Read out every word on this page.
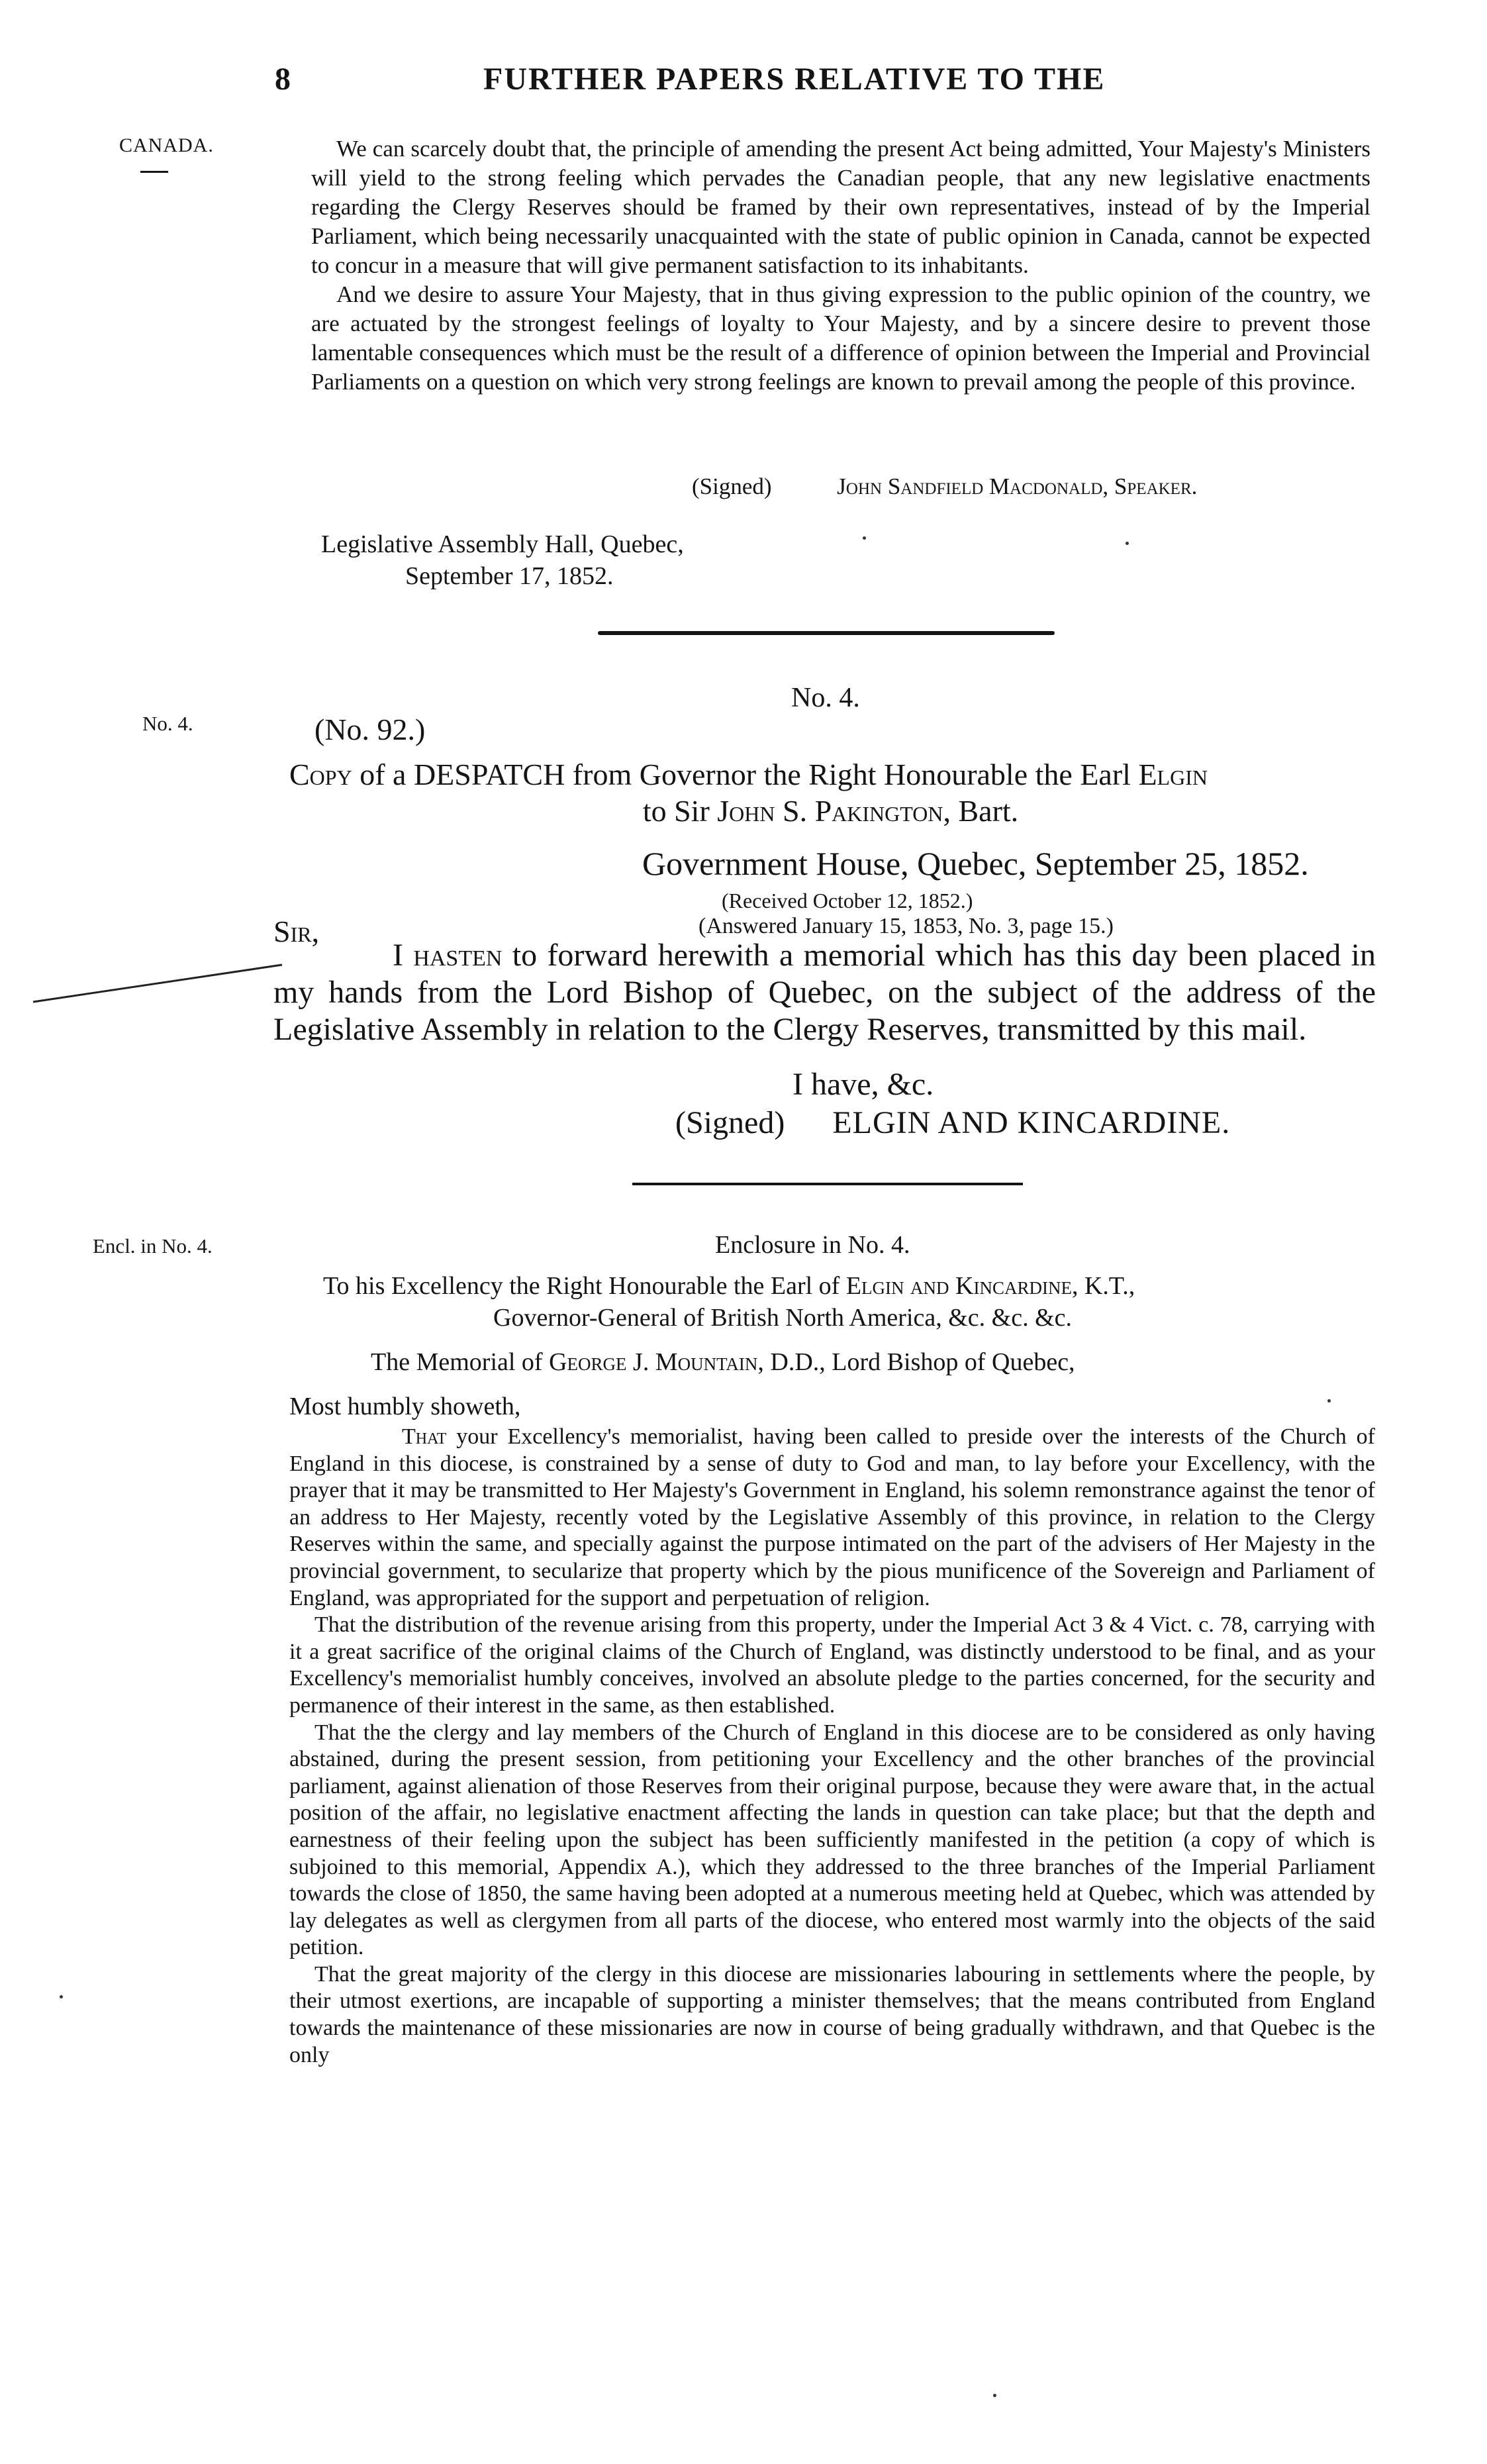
8	FURTHER PAPERS RELATIVE TO THE
CANADA.
No. 4.
Encl. in No. 4.

We can scarcely doubt that, the principle of amending the present Act being admitted, Your Majesty's Ministers will yield to the strong feeling which pervades the Canadian people, that any new legislative enactments regarding the Clergy Reserves should be framed by their own representatives, instead of by the Imperial Parliament, which being necessarily unacquainted with the state of public opinion in Canada, cannot be expected to concur in a measure that will give permanent satisfaction to its inhabitants.

And we desire to assure Your Majesty, that in thus giving expression to the public opinion of the country, we are actuated by the strongest feelings of loyalty to Your Majesty, and by a sincere desire to prevent those lamentable consequences which must be the result of a difference of opinion between the Imperial and Provincial Parliaments on a question on which very strong feelings are known to prevail among the people of this province.

(Signed)	John Sandfield Macdonald, Speaker.
Legislative Assembly Hall, Quebec,
September 17, 1852.
No. 4.
(No. 92.)
Copy of a DESPATCH from Governor the Right Honourable the Earl Elgin
to Sir John S. Pakington, Bart.
Government House, Quebec, September 25, 1852.
(Received October 12, 1852.)
(Answered January 15, 1853, No. 3, page 15.)
Sir,
I hasten to forward herewith a memorial which has this day been placed in my hands from the Lord Bishop of Quebec, on the subject of the address of the Legislative Assembly in relation to the Clergy Reserves, transmitted by this mail.
I have, &c.
(Signed) ELGIN AND KINCARDINE.
Enclosure in No. 4.
To his Excellency the Right Honourable the Earl of Elgin and Kincardine, K.T.,
Governor-General of British North America, &c. &c. &c.
The Memorial of George J. Mountain, D.D., Lord Bishop of Quebec,
Most humbly showeth,

That your Excellency's memorialist, having been called to preside over the interests of the Church of England in this diocese, is constrained by a sense of duty to God and man, to lay before your Excellency, with the prayer that it may be transmitted to Her Majesty's Government in England, his solemn remonstrance against the tenor of an address to Her Majesty, recently voted by the Legislative Assembly of this province, in relation to the Clergy Reserves within the same, and specially against the purpose intimated on the part of the advisers of Her Majesty in the provincial government, to secularize that property which by the pious munificence of the Sovereign and Parliament of England, was appropriated for the support and perpetuation of religion.

That the distribution of the revenue arising from this property, under the Imperial Act 3 & 4 Vict. c. 78, carrying with it a great sacrifice of the original claims of the Church of England, was distinctly understood to be final, and as your Excellency's memorialist humbly conceives, involved an absolute pledge to the parties concerned, for the security and permanence of their interest in the same, as then established.

That the the clergy and lay members of the Church of England in this diocese are to be considered as only having abstained, during the present session, from petitioning your Excellency and the other branches of the provincial parliament, against alienation of those Reserves from their original purpose, because they were aware that, in the actual position of the affair, no legislative enactment affecting the lands in question can take place; but that the depth and earnestness of their feeling upon the subject has been sufficiently manifested in the petition (a copy of which is subjoined to this memorial, Appendix A.), which they addressed to the three branches of the Imperial Parliament towards the close of 1850, the same having been adopted at a numerous meeting held at Quebec, which was attended by lay delegates as well as clergymen from all parts of the diocese, who entered most warmly into the objects of the said petition.

That the great majority of the clergy in this diocese are missionaries labouring in settlements where the people, by their utmost exertions, are incapable of supporting a minister themselves; that the means contributed from England towards the maintenance of these missionaries are now in course of being gradually withdrawn, and that Quebec is the only
